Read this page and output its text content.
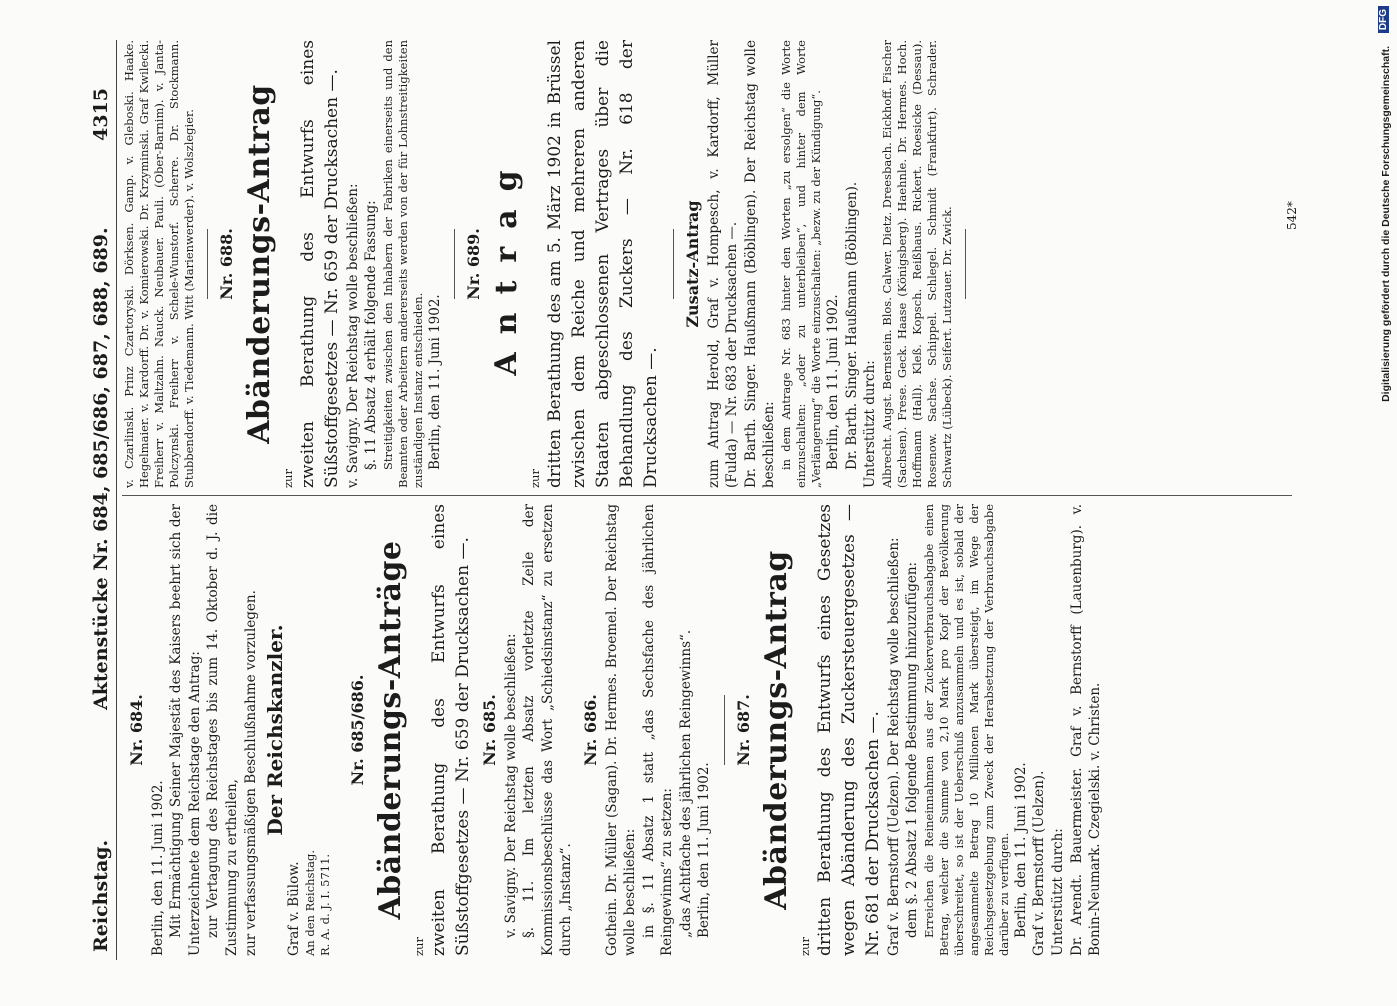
Reichstag.
Aktenstücke Nr. 684, 685/686, 687, 688, 689.
4315
Nr. 684.

Berlin, den 11. Juni 1902. Mit Ermächtigung Seiner Majestät des Kaisers beehrt sich der Unterzeichnete dem Reichstage den Antrag: zur Vertagung des Reichstages bis zum 14. Oktober d. J. die Zustimmung zu ertheilen, zur verfassungsmäßigen Beschlußnahme vorzulegen. Der Reichskanzler.

Graf v. Bülow. An den Reichstag. R. A. d. J. I. 5711.

Nr. 685/686. Abänderungs-Anträge

zur zweiten Berathung des Entwurfs eines Süßstoffgesetzes — Nr. 659 der Drucksachen —. Nr. 685. v. Savigny. Der Reichstag wolle beschließen: §. 11. Im letzten Absatz vorletzte Zeile der Kommissionsbeschlüsse das Wort „Schiedsinstanz“ zu ersetzen durch „Instanz“.

Nr. 686. Gothein. Dr. Müller (Sagan). Dr. Hermes. Broemel. Der Reichstag wolle beschließen: in §. 11 Absatz 1 statt „das Sechsfache des jährlichen Reingewinns“ zu setzen: „das Achtfache des jährlichen Reingewinns“. Berlin, den 11. Juni 1902.

Nr. 687. Abänderungs-Antrag

zur dritten Berathung des Entwurfs eines Gesetzes wegen Abänderung des Zuckersteuergesetzes — Nr. 681 der Drucksachen —. Graf v. Bernstorff (Uelzen). Der Reichstag wolle beschließen: dem §. 2 Absatz 1 folgende Bestimmung hinzuzufügen: Erreichen die Reineinnahmen aus der Zuckerverbrauchsabgabe einen Betrag, welcher die Summe von 2,10 Mark pro Kopf der Bevölkerung überschreitet, so ist der Ueberschuß anzusammeln und es ist, sobald der angesammelte Betrag 10 Millionen Mark übersteigt, im Wege der Reichsgesetzgebung zum Zweck der Herabsetzung der Verbrauchsabgabe darüber zu verfügen. Berlin, den 11. Juni 1902. Graf v. Bernstorff (Uelzen). Unterstützt durch: Dr. Arendt. Bauermeister. Graf v. Bernstorff (Lauenburg). v. Bonin-Neumark. Czegielski. v. Christen.

v. Czarlinski. Prinz Czartoryski. Dörksen. Gamp. v. Gleboski. Haake. Hegelmaier. v. Kardorff. Dr. v. Komierowski. Dr. Krzyminski. Graf Kwilecki. Freiherr v. Maltzahn. Nauck. Neubauer. Pauli. (Ober-Barnim). v. Janta-Polczynski. Freiherr v. Schele-Wunstorf. Scherre. Dr. Stockmann. Stubbendorff. v. Tiedemann. Witt (Marienwerder). v. Wolszlegier. Nr. 688. Abänderungs-Antrag

zur zweiten Berathung des Entwurfs eines Süßstoffgesetzes — Nr. 659 der Drucksachen —. v. Savigny. Der Reichstag wolle beschließen: §. 11 Absatz 4 erhält folgende Fassung: Streitigkeiten zwischen den Inhabern der Fabriken einerseits und den Beamten oder Arbeitern andererseits werden von der für Lohnstreitigkeiten zuständigen Instanz entschieden. Berlin, den 11. Juni 1902.

Nr. 689. Antrag

zur dritten Berathung des am 5. März 1902 in Brüssel zwischen dem Reiche und mehreren anderen Staaten abgeschlossenen Vertrages über die Behandlung des Zuckers — Nr. 618 der Drucksachen —.

Zusatz-Antrag zum Antrag Herold, Graf v. Hompesch, v. Kardorff, Müller (Fulda) — Nr. 683 der Drucksachen —. Dr. Barth. Singer. Haußmann (Böblingen). Der Reichstag wolle beschließen: in dem Antrage Nr. 683 hinter den Worten „zu ersolgen“ die Worte einzuschalten: „oder zu unterbleiben“, und hinter dem Worte „Verlängerung“ die Worte einzuschalten: „bezw. zu der Kündigung“. Berlin, den 11. Juni 1902. Dr. Barth. Singer. Haußmann (Böblingen). Unterstützt durch: Albrecht. Augst. Bernstein. Blos. Calwer. Dietz. Dreesbach. Eickhoff. Fischer (Sachsen). Frese. Geck. Haase (Königsberg). Haehnle. Dr. Hermes. Hoch. Hoffmann (Hall). Kleß. Kopsch. Reißhaus. Rickert. Roesicke (Dessau). Rosenow. Sachse. Schippel. Schlegel. Schmidt (Frankfurt). Schrader. Schwartz (Lübeck). Seifert. Lutzauer. Dr. Zwick.	542*	Digitalisierung gefördert durch die Deutsche Forschungsgemeinschaft.
DFG
